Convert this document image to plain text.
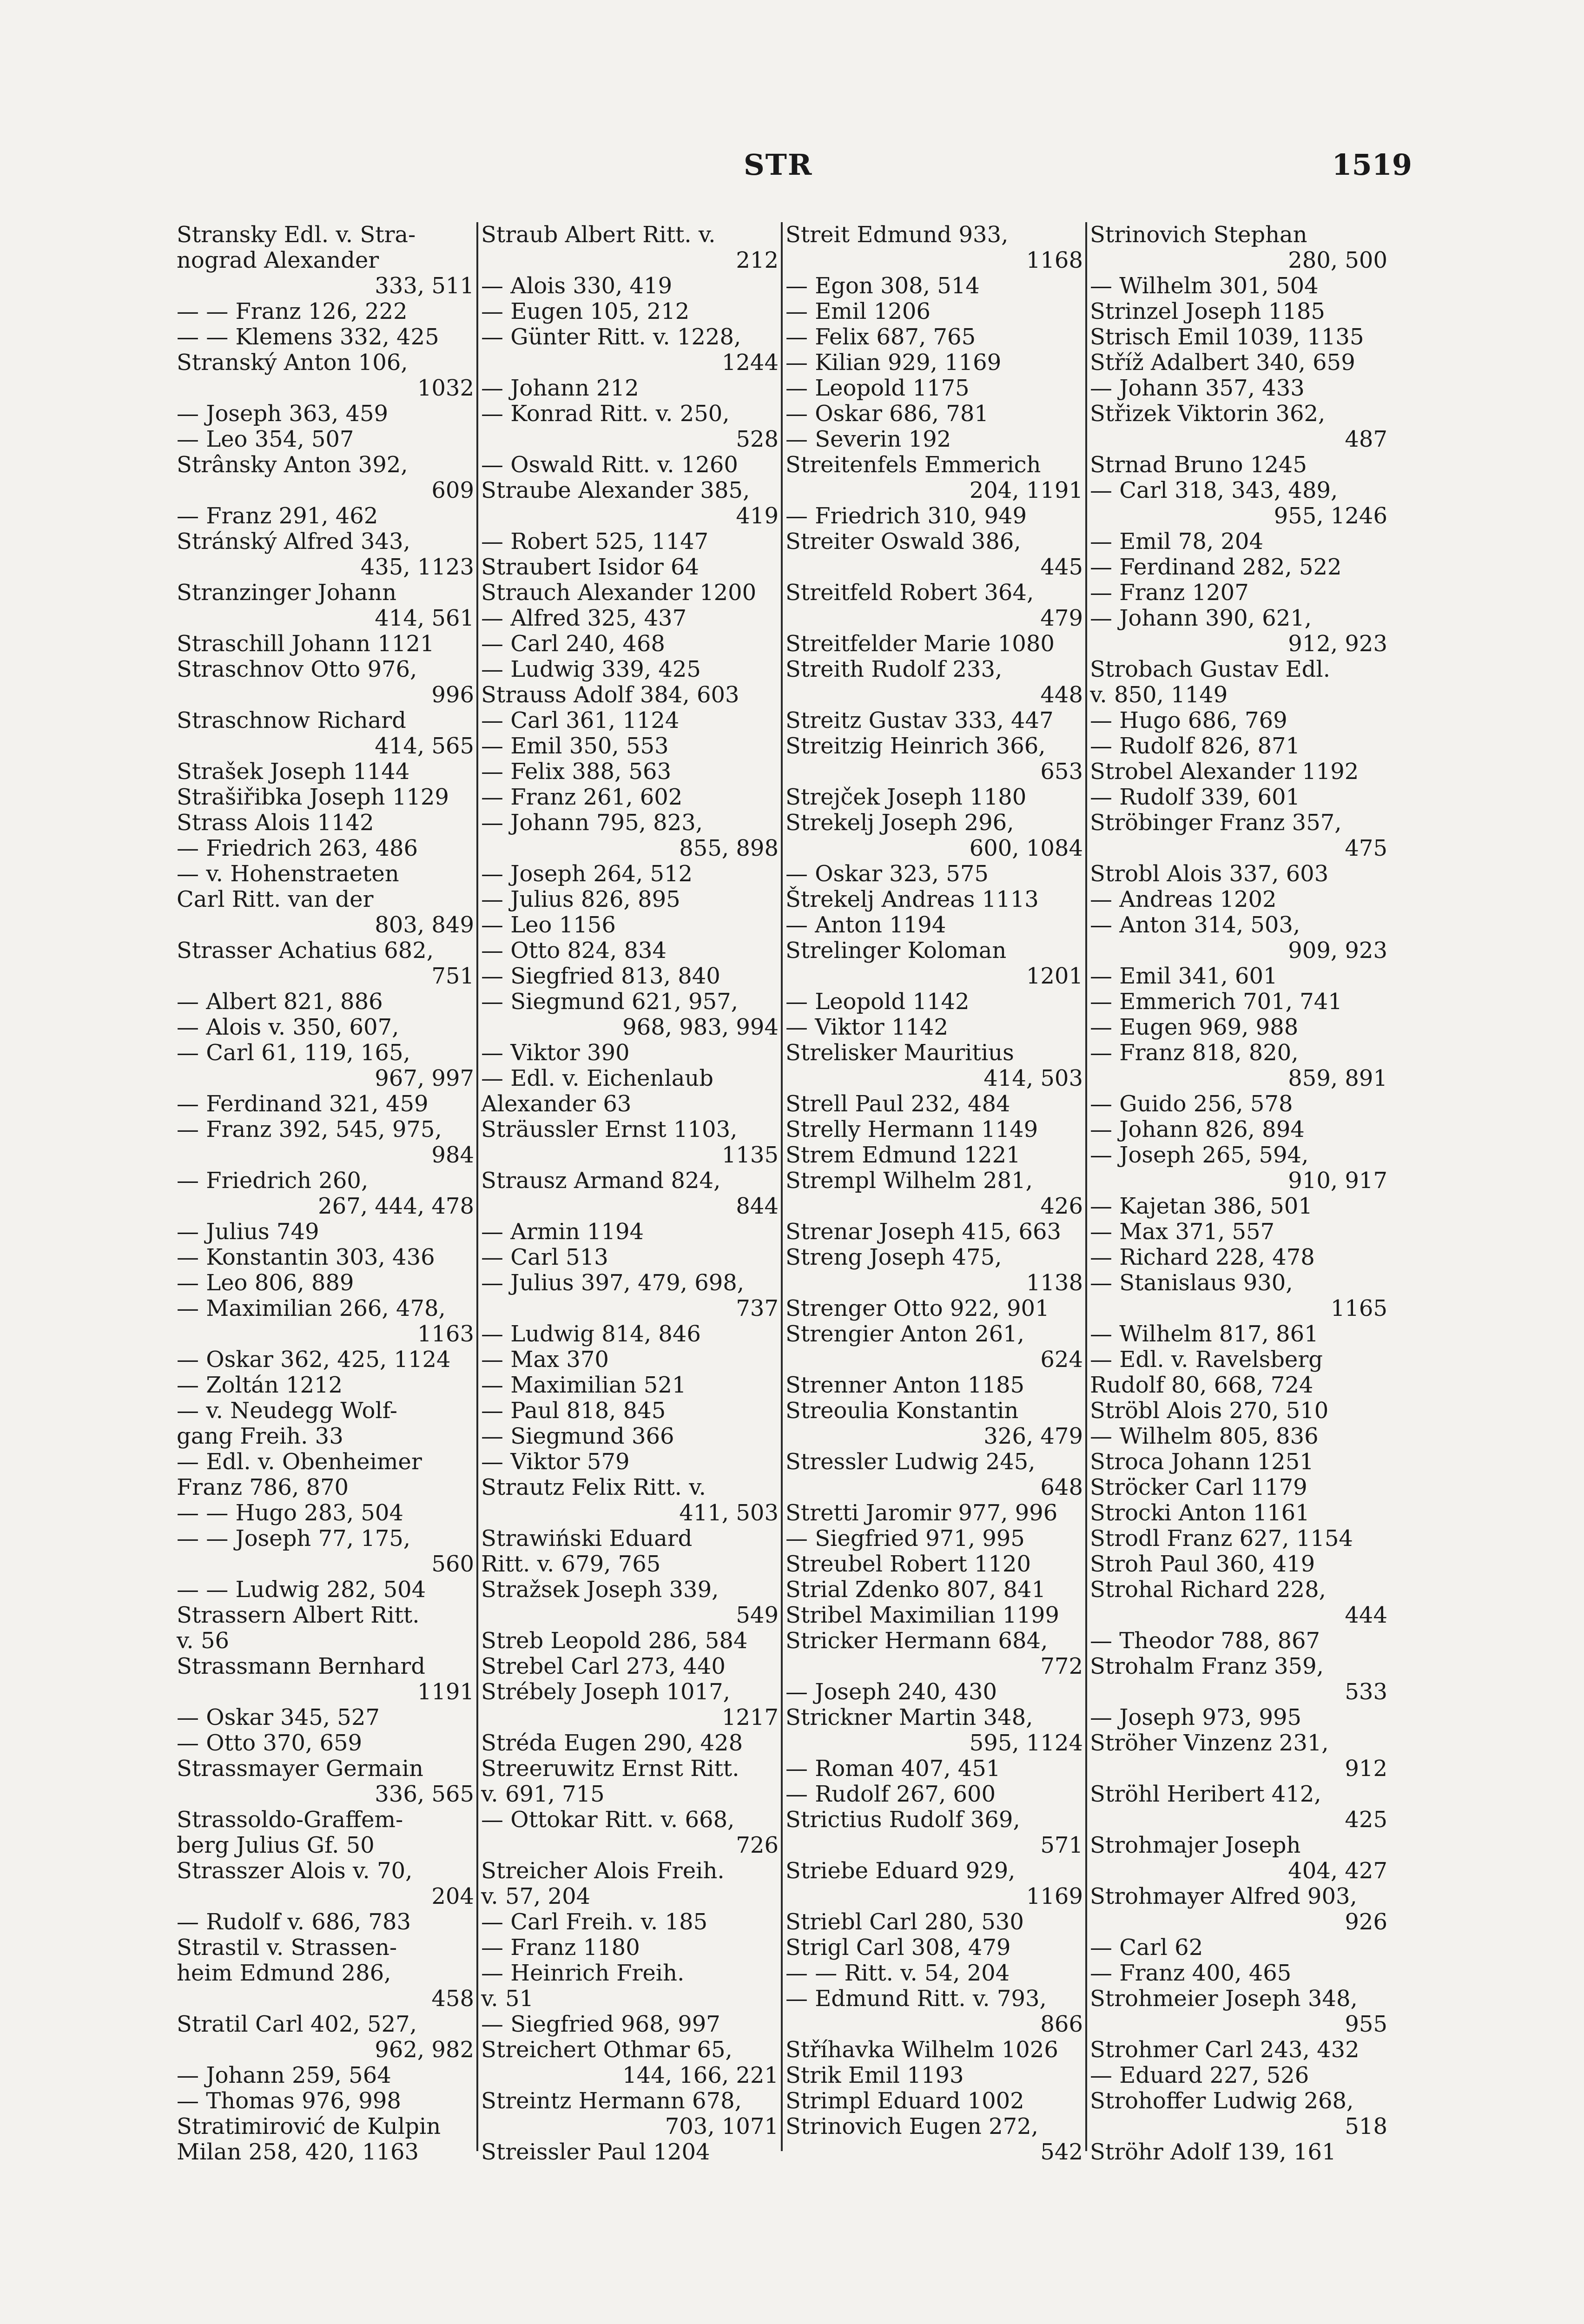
STR	1519
Stransky Edl. v. Stra-
nograd Alexander
333, 511
— — Franz 126, 222
— — Klemens 332, 425
Stranský Anton 106,
1032
— Joseph 363, 459
— Leo 354, 507
Strânsky Anton 392,
609
— Franz 291, 462
Stránský Alfred 343,
435, 1123
Stranzinger Johann
414, 561
Straschill Johann 1121
Straschnov Otto 976,
996
Straschnow Richard
414, 565
Strašek Joseph 1144
Strašiřibka Joseph 1129
Strass Alois 1142
— Friedrich 263, 486
— v. Hohenstraeten
Carl Ritt. van der
803, 849
Strasser Achatius 682,
751
— Albert 821, 886
— Alois v. 350, 607,
— Carl 61, 119, 165,
967, 997
— Ferdinand 321, 459
— Franz 392, 545, 975,
984
— Friedrich 260,
267, 444, 478
— Julius 749
— Konstantin 303, 436
— Leo 806, 889
— Maximilian 266, 478,
1163
— Oskar 362, 425, 1124
— Zoltán 1212
— v. Neudegg Wolf-
gang Freih. 33
— Edl. v. Obenheimer
Franz 786, 870
— — Hugo 283, 504
— — Joseph 77, 175,
560
— — Ludwig 282, 504
Strassern Albert Ritt.
v. 56
Strassmann Bernhard
1191
— Oskar 345, 527
— Otto 370, 659
Strassmayer Germain
336, 565
Strassoldo-Graffem-
berg Julius Gf. 50
Strasszer Alois v. 70,
204
— Rudolf v. 686, 783
Strastil v. Strassen-
heim Edmund 286,
458
Stratil Carl 402, 527,
962, 982
— Johann 259, 564
— Thomas 976, 998
Stratimirović de Kulpin
Milan 258, 420, 1163
Straub Albert Ritt. v.
212
— Alois 330, 419
— Eugen 105, 212
— Günter Ritt. v. 1228,
1244
— Johann 212
— Konrad Ritt. v. 250,
528
— Oswald Ritt. v. 1260
Straube Alexander 385,
419
— Robert 525, 1147
Straubert Isidor 64
Strauch Alexander 1200
— Alfred 325, 437
— Carl 240, 468
— Ludwig 339, 425
Strauss Adolf 384, 603
— Carl 361, 1124
— Emil 350, 553
— Felix 388, 563
— Franz 261, 602
— Johann 795, 823,
855, 898
— Joseph 264, 512
— Julius 826, 895
— Leo 1156
— Otto 824, 834
— Siegfried 813, 840
— Siegmund 621, 957,
968, 983, 994
— Viktor 390
— Edl. v. Eichenlaub
Alexander 63
Sträussler Ernst 1103,
1135
Strausz Armand 824,
844
— Armin 1194
— Carl 513
— Julius 397, 479, 698,
737
— Ludwig 814, 846
— Max 370
— Maximilian 521
— Paul 818, 845
— Siegmund 366
— Viktor 579
Strautz Felix Ritt. v.
411, 503
Strawiński Eduard
Ritt. v. 679, 765
Stražsek Joseph 339,
549
Streb Leopold 286, 584
Strebel Carl 273, 440
Strébely Joseph 1017,
1217
Stréda Eugen 290, 428
Streeruwitz Ernst Ritt.
v. 691, 715
— Ottokar Ritt. v. 668,
726
Streicher Alois Freih.
v. 57, 204
— Carl Freih. v. 185
— Franz 1180
— Heinrich Freih.
v. 51
— Siegfried 968, 997
Streichert Othmar 65,
144, 166, 221
Streintz Hermann 678,
703, 1071
Streissler Paul 1204
Streit Edmund 933,
1168
— Egon 308, 514
— Emil 1206
— Felix 687, 765
— Kilian 929, 1169
— Leopold 1175
— Oskar 686, 781
— Severin 192
Streitenfels Emmerich
204, 1191
— Friedrich 310, 949
Streiter Oswald 386,
445
Streitfeld Robert 364,
479
Streitfelder Marie 1080
Streith Rudolf 233,
448
Streitz Gustav 333, 447
Streitzig Heinrich 366,
653
Strejček Joseph 1180
Strekelj Joseph 296,
600, 1084
— Oskar 323, 575
Štrekelj Andreas 1113
— Anton 1194
Strelinger Koloman
1201
— Leopold 1142
— Viktor 1142
Strelisker Mauritius
414, 503
Strell Paul 232, 484
Strelly Hermann 1149
Strem Edmund 1221
Strempl Wilhelm 281,
426
Strenar Joseph 415, 663
Streng Joseph 475,
1138
Strenger Otto 922, 901
Strengier Anton 261,
624
Strenner Anton 1185
Streoulia Konstantin
326, 479
Stressler Ludwig 245,
648
Stretti Jaromir 977, 996
— Siegfried 971, 995
Streubel Robert 1120
Strial Zdenko 807, 841
Stribel Maximilian 1199
Stricker Hermann 684,
772
— Joseph 240, 430
Strickner Martin 348,
595, 1124
— Roman 407, 451
— Rudolf 267, 600
Strictius Rudolf 369,
571
Striebe Eduard 929,
1169
Striebl Carl 280, 530
Strigl Carl 308, 479
— — Ritt. v. 54, 204
— Edmund Ritt. v. 793,
866
Stříhavka Wilhelm 1026
Strik Emil 1193
Strimpl Eduard 1002
Strinovich Eugen 272,
542
Strinovich Stephan
280, 500
— Wilhelm 301, 504
Strinzel Joseph 1185
Strisch Emil 1039, 1135
Stříž Adalbert 340, 659
— Johann 357, 433
Střizek Viktorin 362,
487
Strnad Bruno 1245
— Carl 318, 343, 489,
955, 1246
— Emil 78, 204
— Ferdinand 282, 522
— Franz 1207
— Johann 390, 621,
912, 923
Strobach Gustav Edl.
v. 850, 1149
— Hugo 686, 769
— Rudolf 826, 871
Strobel Alexander 1192
— Rudolf 339, 601
Ströbinger Franz 357,
475
Strobl Alois 337, 603
— Andreas 1202
— Anton 314, 503,
909, 923
— Emil 341, 601
— Emmerich 701, 741
— Eugen 969, 988
— Franz 818, 820,
859, 891
— Guido 256, 578
— Johann 826, 894
— Joseph 265, 594,
910, 917
— Kajetan 386, 501
— Max 371, 557
— Richard 228, 478
— Stanislaus 930,
1165
— Wilhelm 817, 861
— Edl. v. Ravelsberg
Rudolf 80, 668, 724
Ströbl Alois 270, 510
— Wilhelm 805, 836
Stroca Johann 1251
Ströcker Carl 1179
Strocki Anton 1161
Strodl Franz 627, 1154
Stroh Paul 360, 419
Strohal Richard 228,
444
— Theodor 788, 867
Strohalm Franz 359,
533
— Joseph 973, 995
Ströher Vinzenz 231,
912
Ströhl Heribert 412,
425
Strohmajer Joseph
404, 427
Strohmayer Alfred 903,
926
— Carl 62
— Franz 400, 465
Strohmeier Joseph 348,
955
Strohmer Carl 243, 432
— Eduard 227, 526
Strohoffer Ludwig 268,
518
Ströhr Adolf 139, 161
